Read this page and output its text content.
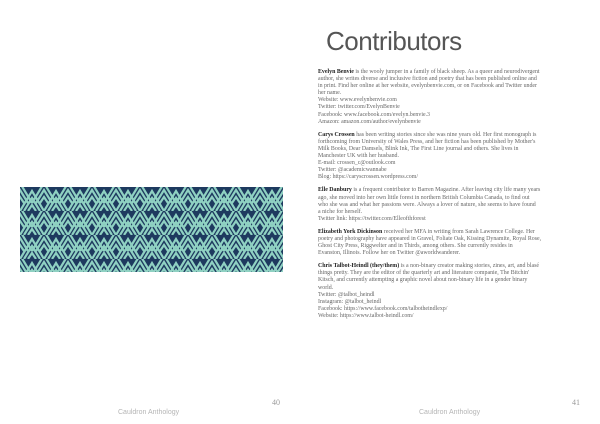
40
Cauldron Anthology
Contributors

Evelyn Benvie is the wooly jumper in a family of black sheep. As a queer and neurodivergent
author, she writes diverse and inclusive fiction and poetry that has been published online and
in print. Find her online at her website, evelynbenvie.com, or on Facebook and Twitter under
her name.
Website: www.evelynbenvie.com
Twitter: twitter.com/EvelynBenvie
Facebook: www.facebook.com/evelyn.benvie.3
Amazon: amazon.com/author/evelynbenvie

Carys Crossen has been writing stories since she was nine years old. Her first monograph is
forthcoming from University of Wales Press, and her fiction has been published by Mother's
Milk Books, Dear Damsels, Blink Ink, The First Line journal and others. She lives in
Manchester UK with her husband.
E-mail: crossen_c@outlook.com
Twitter: @academicwannabe
Blog: https://caryscrossen.wordpress.com/

Elle Danbury is a frequent contributor to Barren Magazine. After leaving city life many years
ago, she moved into her own little forest in northern British Columbia Canada, to find out
who she was and what her passions were. Always a lover of nature, she seems to have found
a niche for herself.
Twitter link: https://twitter.com/Elleofthforest

Elizabeth York Dickinson received her MFA in writing from Sarah Lawrence College. Her
poetry and photography have appeared in Gravel, Foliate Oak, Kissing Dynamite, Royal Rose,
Ghost City Press, Riggwelter and in Thirds, among others. She currently resides in
Evanston, Illinois. Follow her on Twitter @aworldwanderer.

Chris Talbot-Heindl (they/them) is a non-binary creator making stories, zines, art, and blasé
things pretty. They are the editor of the quarterly art and literature companie, The Bitchin'
Kitsch, and currently attempting a graphic novel about non-binary life in a gender binary
world.
Twitter: @talbot_heindl
Instagram: @talbot_heindl
Facebook: https://www.facebook.com/talbotheindlexp/
Website: https://www.talbot-heindl.com/

41
Cauldron Anthology
